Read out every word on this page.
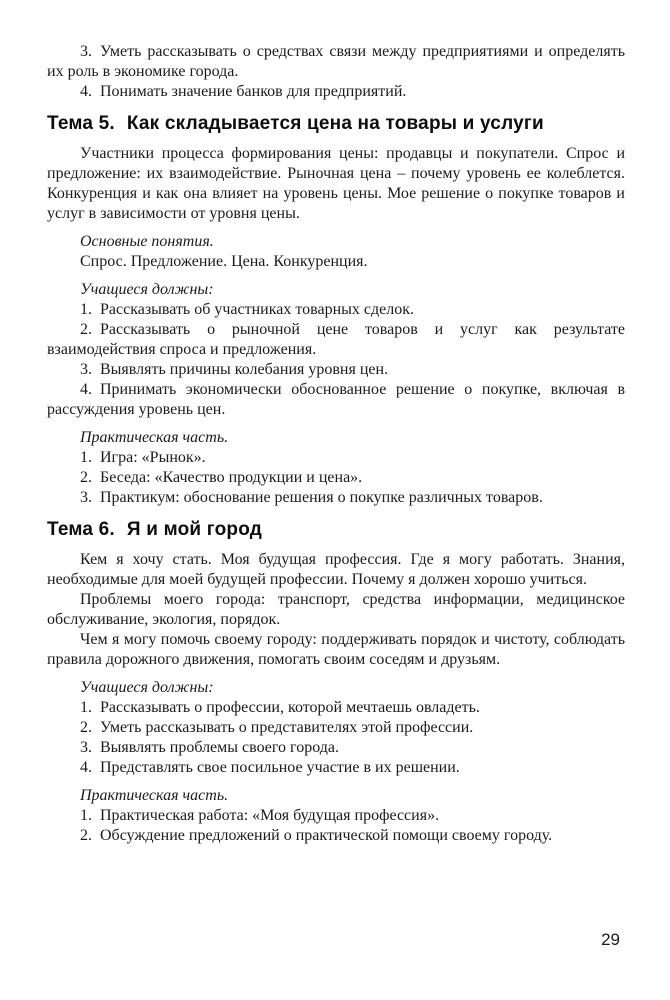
3. Уметь рассказывать о средствах связи между предприятиями и определять их роль в экономике города.

4. Понимать значение банков для предприятий.

Тема 5. Как складывается цена на товары и услуги

Участники процесса формирования цены: продавцы и покупатели. Спрос и предложение: их взаимодействие. Рыночная цена – почему уровень ее колеблется. Конкуренция и как она влияет на уровень цены. Мое решение о покупке товаров и услуг в зависимости от уровня цены.

Основные понятия.

Спрос. Предложение. Цена. Конкуренция.

Учащиеся должны:

1. Рассказывать об участниках товарных сделок.

2. Рассказывать о рыночной цене товаров и услуг как результате взаимодействия спроса и предложения.

3. Выявлять причины колебания уровня цен.

4. Принимать экономически обоснованное решение о покупке, включая в рассуждения уровень цен.

Практическая часть.

1. Игра: «Рынок».

2. Беседа: «Качество продукции и цена».

3. Практикум: обоснование решения о покупке различных товаров.

Тема 6. Я и мой город

Кем я хочу стать. Моя будущая профессия. Где я могу работать. Знания, необходимые для моей будущей профессии. Почему я должен хорошо учиться.

Проблемы моего города: транспорт, средства информации, медицинское обслуживание, экология, порядок.

Чем я могу помочь своему городу: поддерживать порядок и чистоту, соблюдать правила дорожного движения, помогать своим соседям и друзьям.

Учащиеся должны:

1. Рассказывать о профессии, которой мечтаешь овладеть.

2. Уметь рассказывать о представителях этой профессии.

3. Выявлять проблемы своего города.

4. Представлять свое посильное участие в их решении.

Практическая часть.

1. Практическая работа: «Моя будущая профессия».

2. Обсуждение предложений о практической помощи своему городу.

29
